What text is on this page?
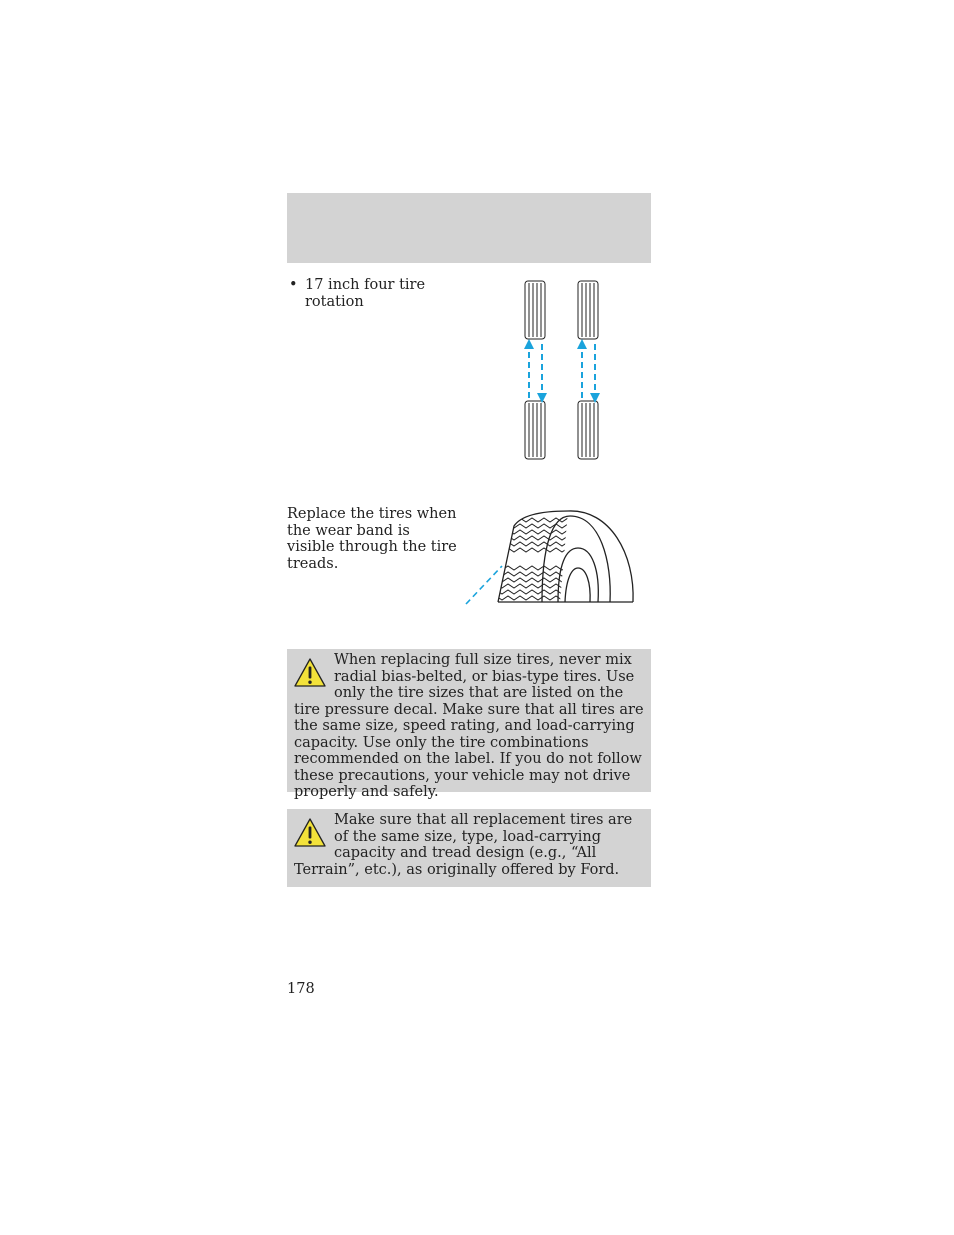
• 17 inch four tire rotation
Replace the tires when the wear band is visible through the tire treads.
When replacing full size tires, never mix radial bias-belted, or bias-type tires. Use only the tire sizes that are listed on the tire pressure decal. Make sure that all tires are the same size, speed rating, and load-carrying capacity. Use only the tire combinations recommended on the label. If you do not follow these precautions, your vehicle may not drive properly and safely.
Make sure that all replacement tires are of the same size, type, load-carrying capacity and tread design (e.g., “All Terrain”, etc.), as originally offered by Ford.
178
